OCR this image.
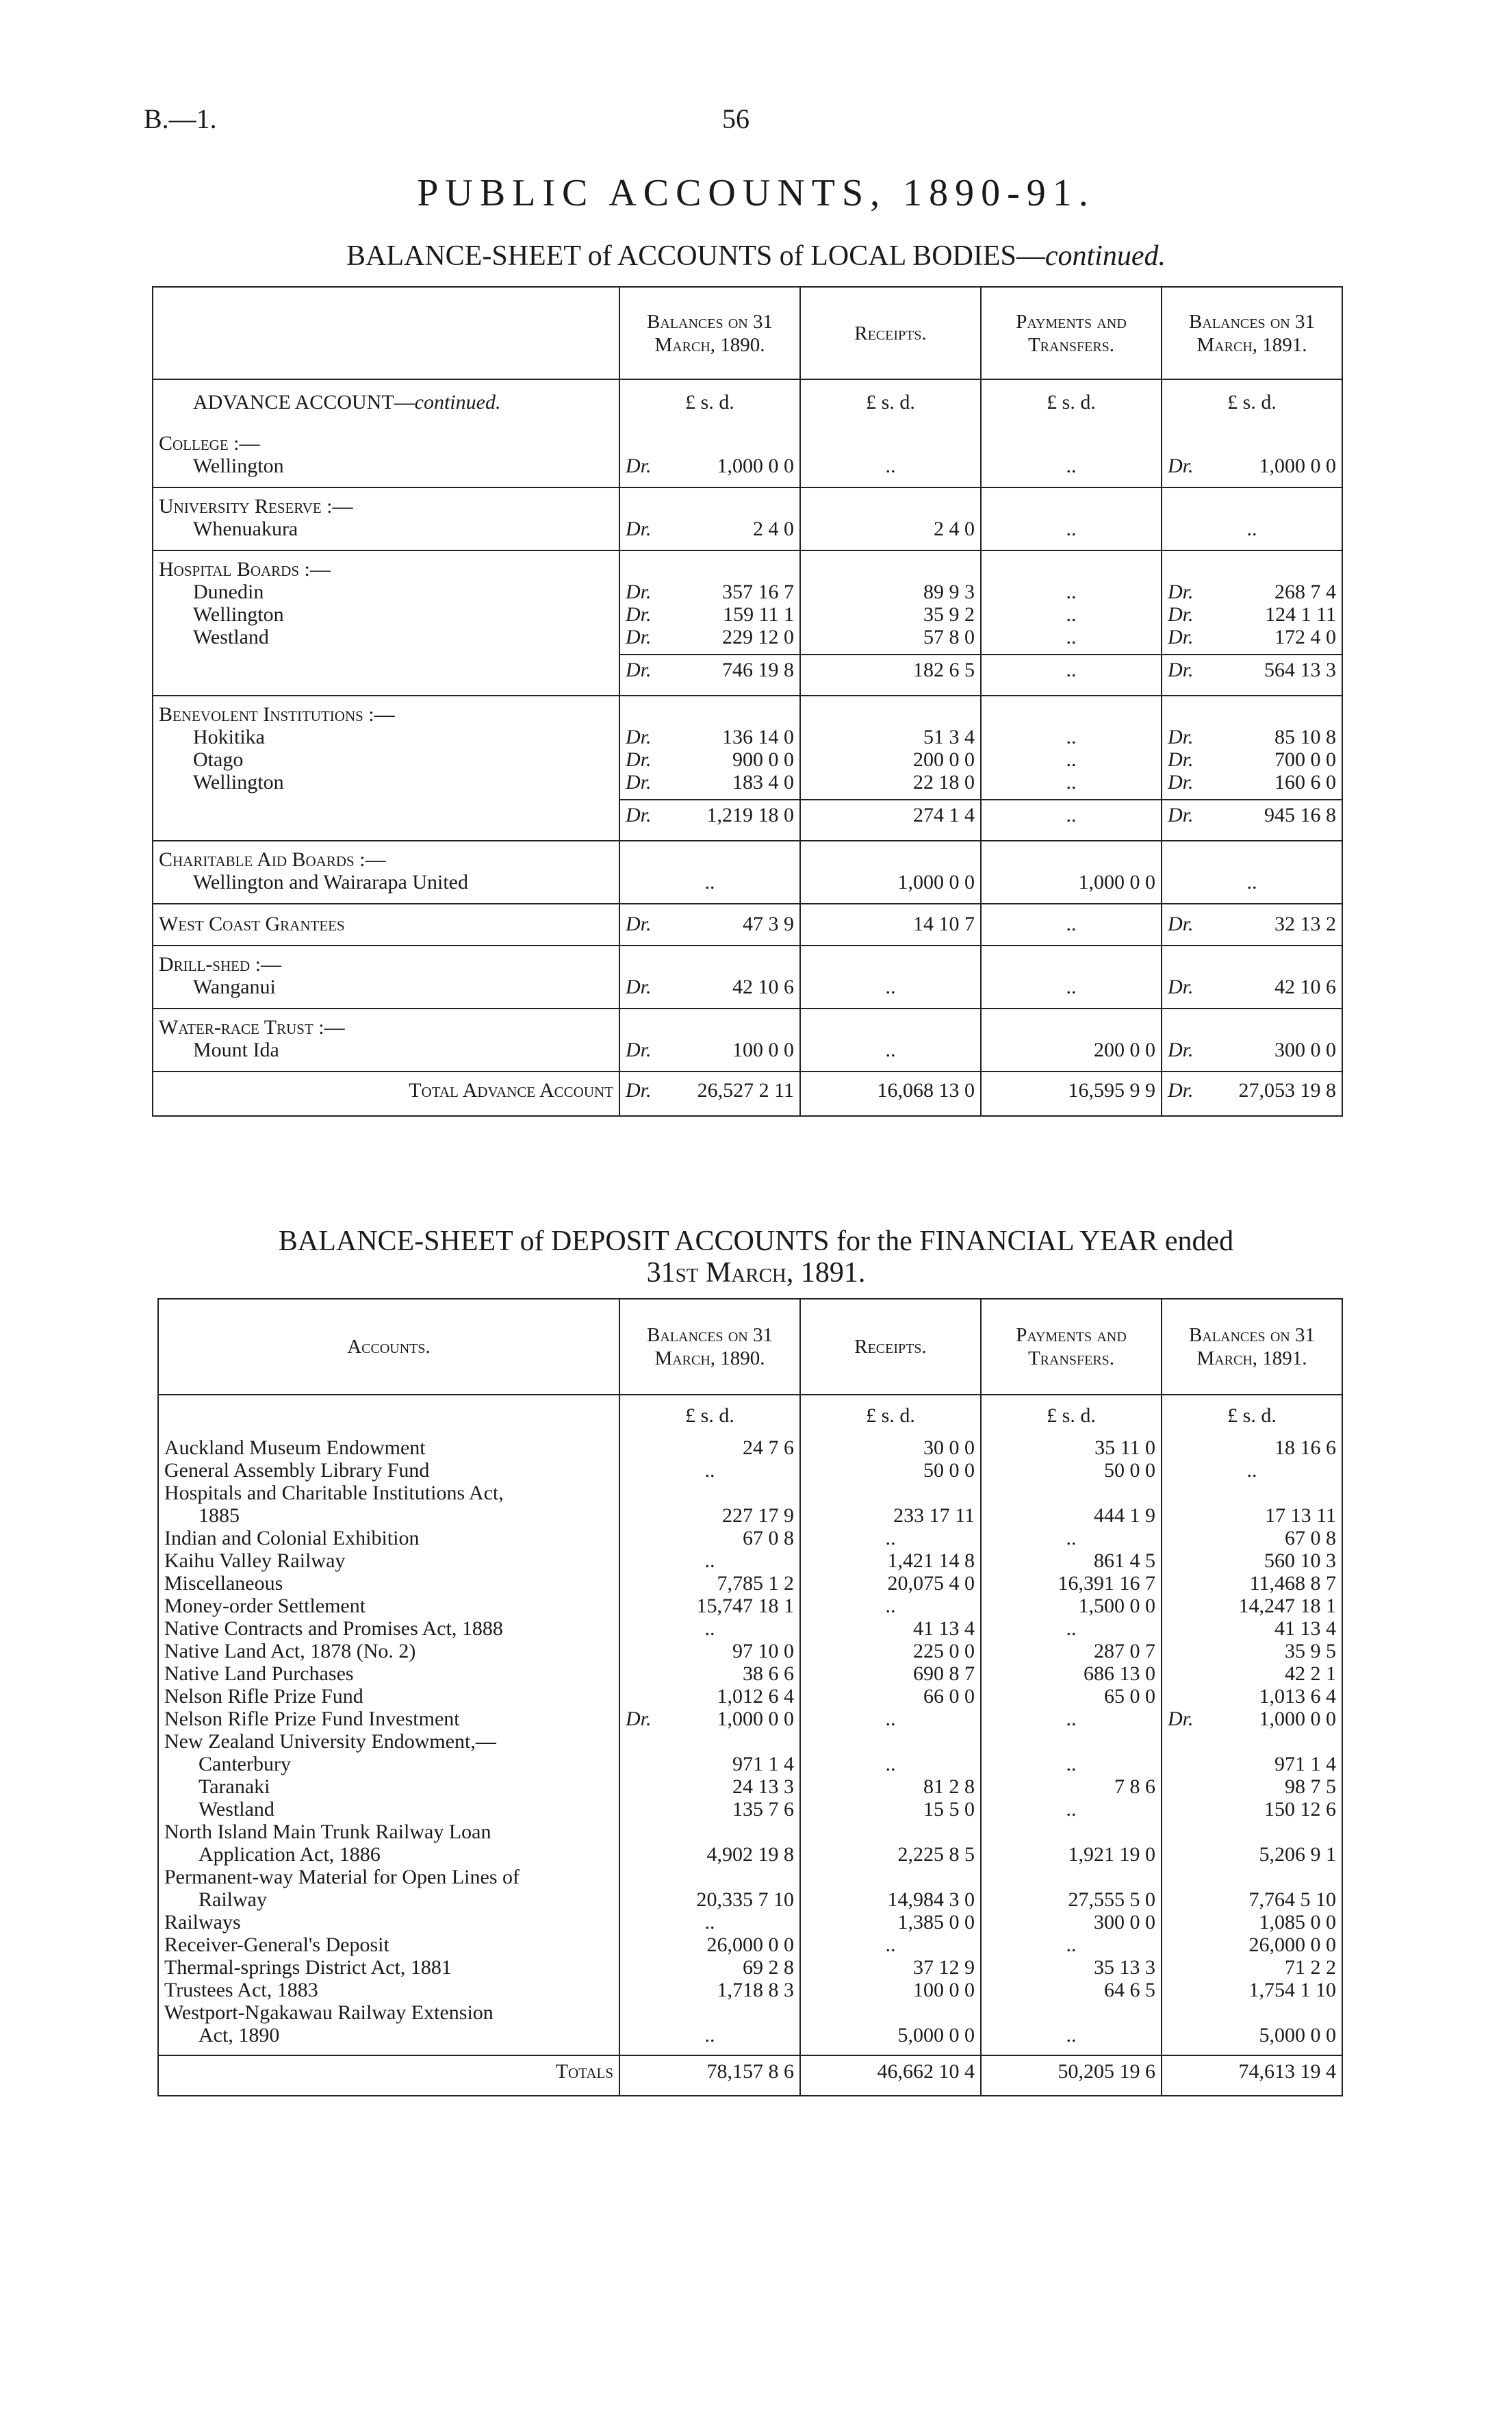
B.—1.	56
PUBLIC ACCOUNTS, 1890-91.
BALANCE-SHEET of ACCOUNTS of LOCAL BODIES—continued.

	Balances on 31 March, 1890.	Receipts.	Payments and Transfers.	Balances on 31 March, 1891.

ADVANCE ACCOUNT—continued.	£ s. d.	£ s. d.	£ s. d.	£ s. d.

College :—				
Wellington	Dr. 1,000 0 0	..	..	Dr. 1,000 0 0

University Reserve :—				
Whenuakura	Dr. 2 4 0	2 4 0	..	..

Hospital Boards :—				
Dunedin	Dr. 357 16 7	89 9 3	..	Dr. 268 7 4
Wellington	Dr. 159 11 1	35 9 2	..	Dr. 124 1 11
Westland	Dr. 229 12 0	57 8 0	..	Dr. 172 4 0

	Dr. 746 19 8	182 6 5	..	Dr. 564 13 3

Benevolent Institutions :—				
Hokitika	Dr. 136 14 0	51 3 4	..	Dr. 85 10 8
Otago	Dr. 900 0 0	200 0 0	..	Dr. 700 0 0
Wellington	Dr. 183 4 0	22 18 0	..	Dr. 160 6 0

	Dr. 1,219 18 0	274 1 4	..	Dr. 945 16 8

Charitable Aid Boards :—				
Wellington and Wairarapa United	..	1,000 0 0	1,000 0 0	..

West Coast Grantees	Dr. 47 3 9	14 10 7	..	Dr. 32 13 2

Drill-shed :—				
Wanganui	Dr. 42 10 6	..	..	Dr. 42 10 6

Water-race Trust :—				
Mount Ida	Dr. 100 0 0	..	200 0 0	Dr. 300 0 0

Total Advance Account	Dr. 26,527 2 11	16,068 13 0	16,595 9 9	Dr. 27,053 19 8

BALANCE-SHEET of DEPOSIT ACCOUNTS for the FINANCIAL YEAR ended
31st March, 1891.
Accounts.	Balances on 31 March, 1890.	Receipts.	Payments and Transfers.	Balances on 31 March, 1891.

	£ s. d.	£ s. d.	£ s. d.	£ s. d.
Auckland Museum Endowment	24 7 6	30 0 0	35 11 0	18 16 6
General Assembly Library Fund	..	50 0 0	50 0 0	..
Hospitals and Charitable Institutions Act,				
1885	227 17 9	233 17 11	444 1 9	17 13 11
Indian and Colonial Exhibition	67 0 8	..	..	67 0 8
Kaihu Valley Railway	..	1,421 14 8	861 4 5	560 10 3
Miscellaneous	7,785 1 2	20,075 4 0	16,391 16 7	11,468 8 7
Money-order Settlement	15,747 18 1	..	1,500 0 0	14,247 18 1
Native Contracts and Promises Act, 1888	..	41 13 4	..	41 13 4
Native Land Act, 1878 (No. 2)	97 10 0	225 0 0	287 0 7	35 9 5
Native Land Purchases	38 6 6	690 8 7	686 13 0	42 2 1
Nelson Rifle Prize Fund	1,012 6 4	66 0 0	65 0 0	1,013 6 4
Nelson Rifle Prize Fund Investment	Dr. 1,000 0 0	..	..	Dr. 1,000 0 0
New Zealand University Endowment,—				
Canterbury	971 1 4	..	..	971 1 4
Taranaki	24 13 3	81 2 8	7 8 6	98 7 5
Westland	135 7 6	15 5 0	..	150 12 6
North Island Main Trunk Railway Loan				
Application Act, 1886	4,902 19 8	2,225 8 5	1,921 19 0	5,206 9 1
Permanent-way Material for Open Lines of				
Railway	20,335 7 10	14,984 3 0	27,555 5 0	7,764 5 10
Railways	..	1,385 0 0	300 0 0	1,085 0 0
Receiver-General's Deposit	26,000 0 0	..	..	26,000 0 0
Thermal-springs District Act, 1881	69 2 8	37 12 9	35 13 3	71 2 2
Trustees Act, 1883	1,718 8 3	100 0 0	64 6 5	1,754 1 10
Westport-Ngakawau Railway Extension				
Act, 1890	..	5,000 0 0	..	5,000 0 0

Totals	78,157 8 6	46,662 10 4	50,205 19 6	74,613 19 4
